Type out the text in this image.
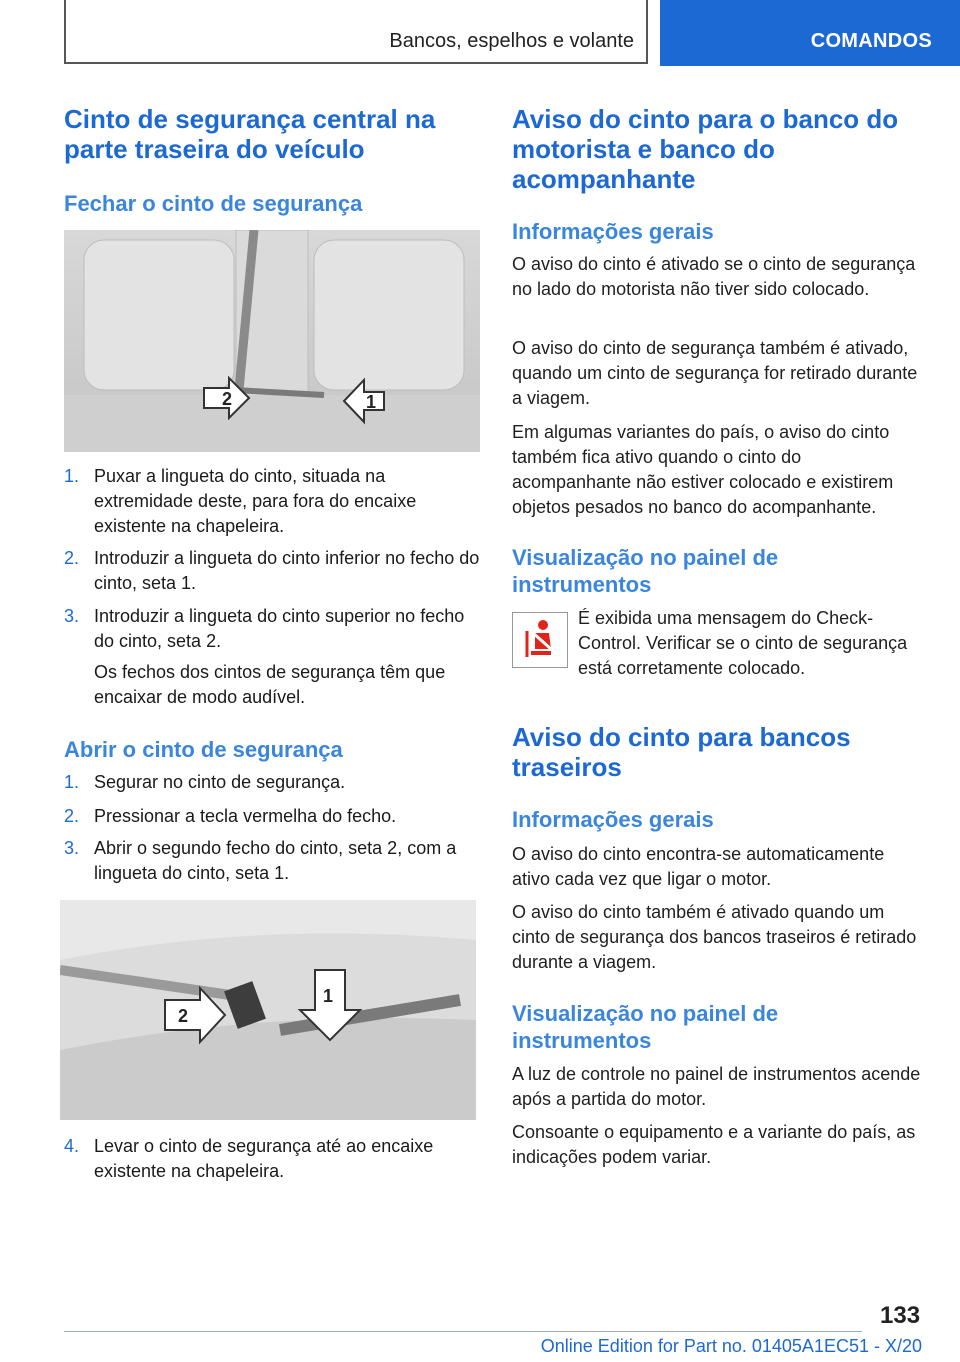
Bancos, espelhos e volante	COMANDOS
Cinto de segurança central na parte traseira do veículo
Fechar o cinto de segurança
2	1
1. Puxar a lingueta do cinto, situada na extremidade deste, para fora do encaixe existente na chapeleira.
2. Introduzir a lingueta do cinto inferior no fecho do cinto, seta 1.
3. Introduzir a lingueta do cinto superior no fecho do cinto, seta 2.
Os fechos dos cintos de segurança têm que encaixar de modo audível.
Abrir o cinto de segurança
1. Segurar no cinto de segurança.
2. Pressionar a tecla vermelha do fecho.
3. Abrir o segundo fecho do cinto, seta 2, com a lingueta do cinto, seta 1.
1
2
4. Levar o cinto de segurança até ao encaixe existente na chapeleira.
Aviso do cinto para o banco do motorista e banco do acompanhante
Informações gerais
O aviso do cinto é ativado se o cinto de segurança no lado do motorista não tiver sido colocado.
O aviso do cinto de segurança também é ativado, quando um cinto de segurança for retirado durante a viagem.
Em algumas variantes do país, o aviso do cinto também fica ativo quando o cinto do acompanhante não estiver colocado e existirem objetos pesados no banco do acompanhante.
Visualização no painel de instrumentos
É exibida uma mensagem do Check-Control. Verificar se o cinto de segurança está corretamente colocado.
Aviso do cinto para bancos traseiros
Informações gerais
O aviso do cinto encontra-se automaticamente ativo cada vez que ligar o motor.
O aviso do cinto também é ativado quando um cinto de segurança dos bancos traseiros é retirado durante a viagem.
Visualização no painel de instrumentos
A luz de controle no painel de instrumentos acende após a partida do motor.
Consoante o equipamento e a variante do país, as indicações podem variar.
133
Online Edition for Part no. 01405A1EC51 - X/20
